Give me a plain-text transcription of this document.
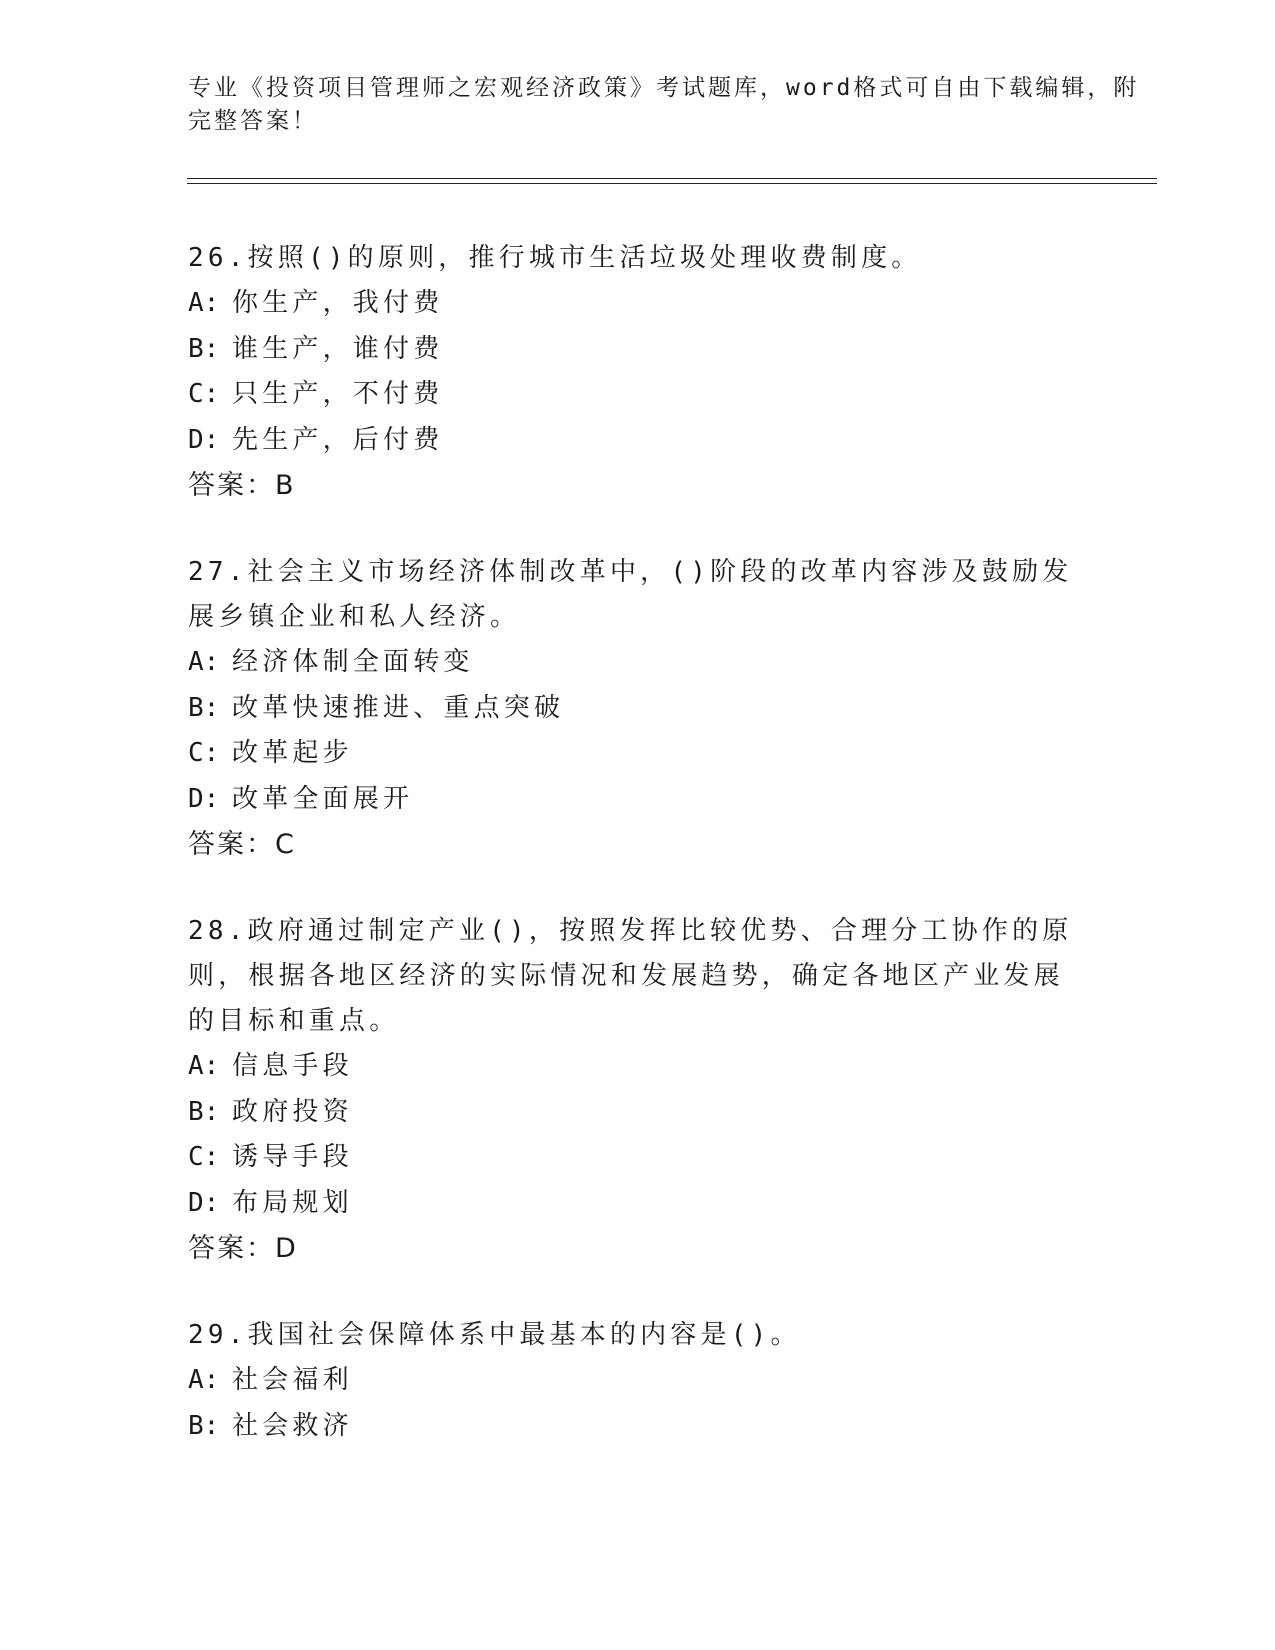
专业《投资项目管理师之宏观经济政策》考试题库，word格式可自由下载编辑，附完整答案！
26.按照()的原则，推行城市生活垃圾处理收费制度。
A: 你生产，我付费
B: 谁生产，谁付费
C: 只生产，不付费
D: 先生产，后付费
答案：B
27.社会主义市场经济体制改革中，()阶段的改革内容涉及鼓励发展乡镇企业和私人经济。
A: 经济体制全面转变
B: 改革快速推进、重点突破
C: 改革起步
D: 改革全面展开
答案：C
28.政府通过制定产业()，按照发挥比较优势、合理分工协作的原则，根据各地区经济的实际情况和发展趋势，确定各地区产业发展的目标和重点。
A: 信息手段
B: 政府投资
C: 诱导手段
D: 布局规划
答案：D
29.我国社会保障体系中最基本的内容是()。
A: 社会福利
B: 社会救济
